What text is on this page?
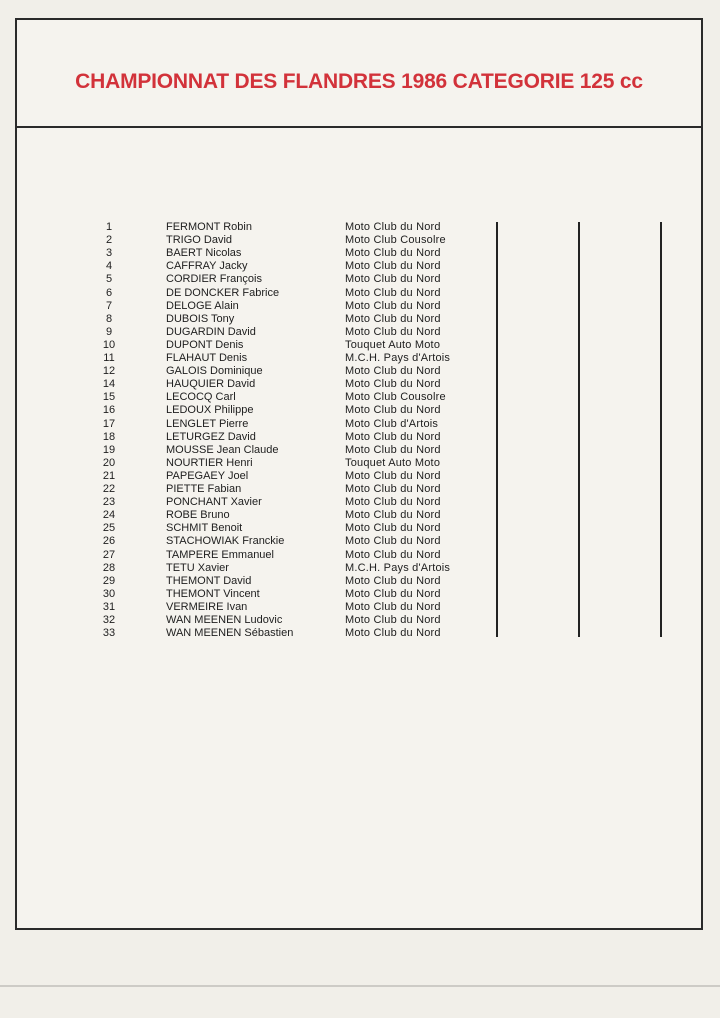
CHAMPIONNAT DES FLANDRES 1986 CATEGORIE 125 cc
1	FERMONT Robin	Moto Club du Nord
2	TRIGO David	Moto Club Cousolre
3	BAERT Nicolas	Moto Club du Nord
4	CAFFRAY Jacky	Moto Club du Nord
5	CORDIER François	Moto Club du Nord
6	DE DONCKER Fabrice	Moto Club du Nord
7	DELOGE Alain	Moto Club du Nord
8	DUBOIS Tony	Moto Club du Nord
9	DUGARDIN David	Moto Club du Nord
10	DUPONT Denis	Touquet Auto Moto
11	FLAHAUT Denis	M.C.H. Pays d'Artois
12	GALOIS Dominique	Moto Club du Nord
14	HAUQUIER David	Moto Club du Nord
15	LECOCQ Carl	Moto Club Cousolre
16	LEDOUX Philippe	Moto Club du Nord
17	LENGLET Pierre	Moto Club d'Artois
18	LETURGEZ David	Moto Club du Nord
19	MOUSSE Jean Claude	Moto Club du Nord
20	NOURTIER Henri	Touquet Auto Moto
21	PAPEGAEY Joel	Moto Club du Nord
22	PIETTE Fabian	Moto Club du Nord
23	PONCHANT Xavier	Moto Club du Nord
24	ROBE Bruno	Moto Club du Nord
25	SCHMIT Benoit	Moto Club du Nord
26	STACHOWIAK Franckie	Moto Club du Nord
27	TAMPERE Emmanuel	Moto Club du Nord
28	TETU Xavier	M.C.H. Pays d'Artois
29	THEMONT David	Moto Club du Nord
30	THEMONT Vincent	Moto Club du Nord
31	VERMEIRE Ivan	Moto Club du Nord
32	WAN MEENEN Ludovic	Moto Club du Nord
33	WAN MEENEN Sébastien	Moto Club du Nord
